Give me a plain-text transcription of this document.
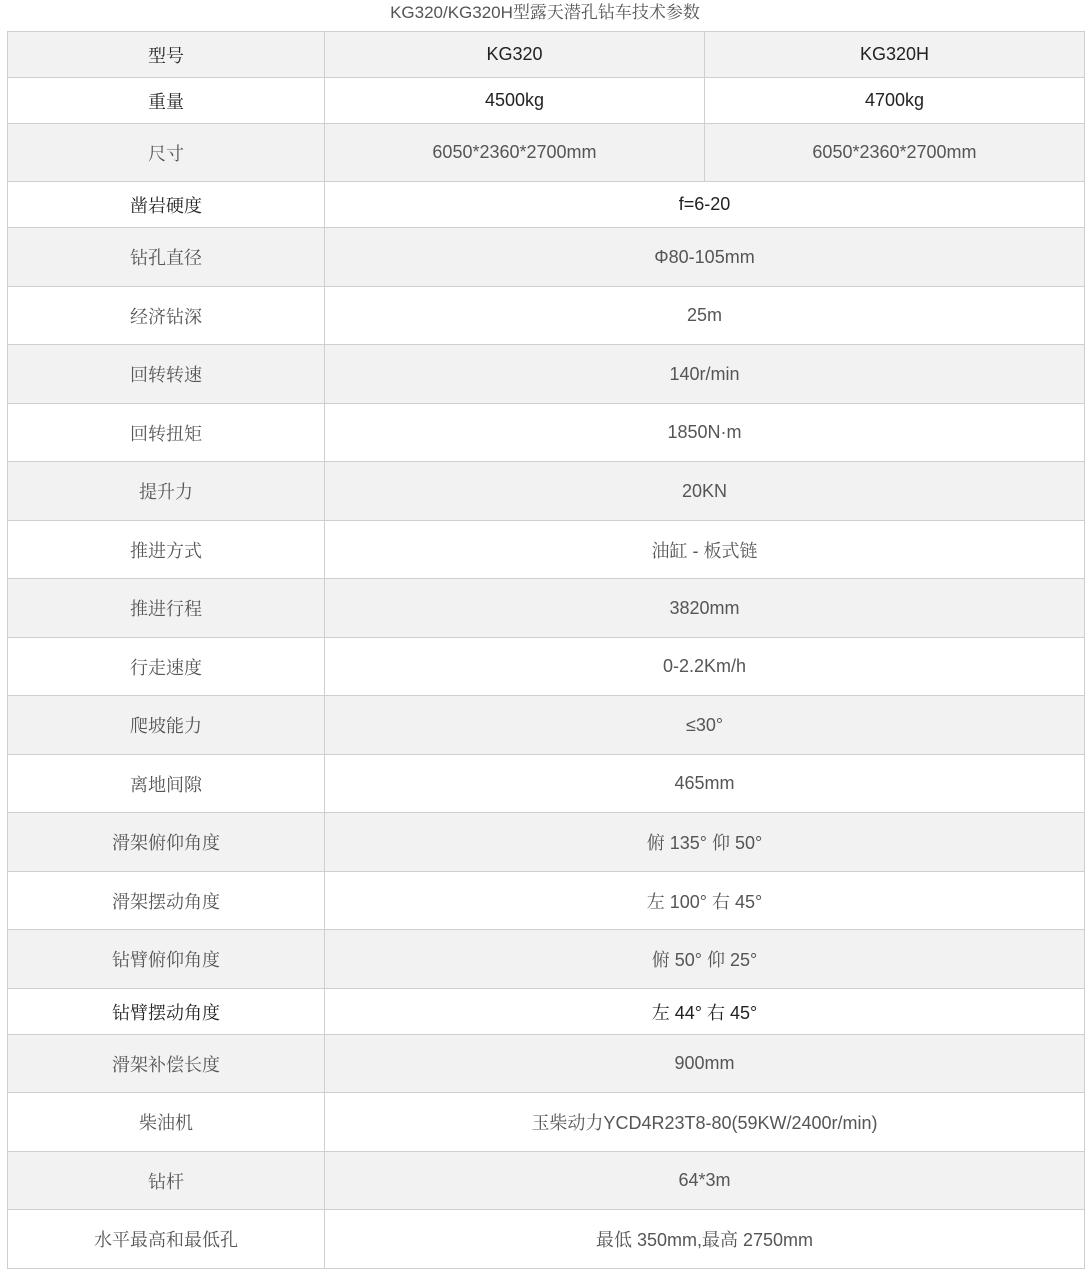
KG320/KG320H型露天潜孔钻车技术参数
型号	KG320	KG320H
重量	4500kg	4700kg
尺寸	6050*2360*2700mm	6050*2360*2700mm
凿岩硬度	f=6-20	
钻孔直径	Φ80-105mm	
经济钻深	25m	
回转转速	140r/min	
回转扭矩	1850N·m	
提升力	20KN	
推进方式	油缸 - 板式链	
推进行程	3820mm	
行走速度	0-2.2Km/h	
爬坡能力	≤30°	
离地间隙	465mm	
滑架俯仰角度	俯 135° 仰 50°	
滑架摆动角度	左 100° 右 45°	
钻臂俯仰角度	俯 50° 仰 25°	
钻臂摆动角度	左 44° 右 45°	
滑架补偿长度	900mm	
柴油机	玉柴动力YCD4R23T8-80(59KW/2400r/min)	
钻杆	64*3m	
水平最高和最低孔	最低 350mm,最高 2750mm	
